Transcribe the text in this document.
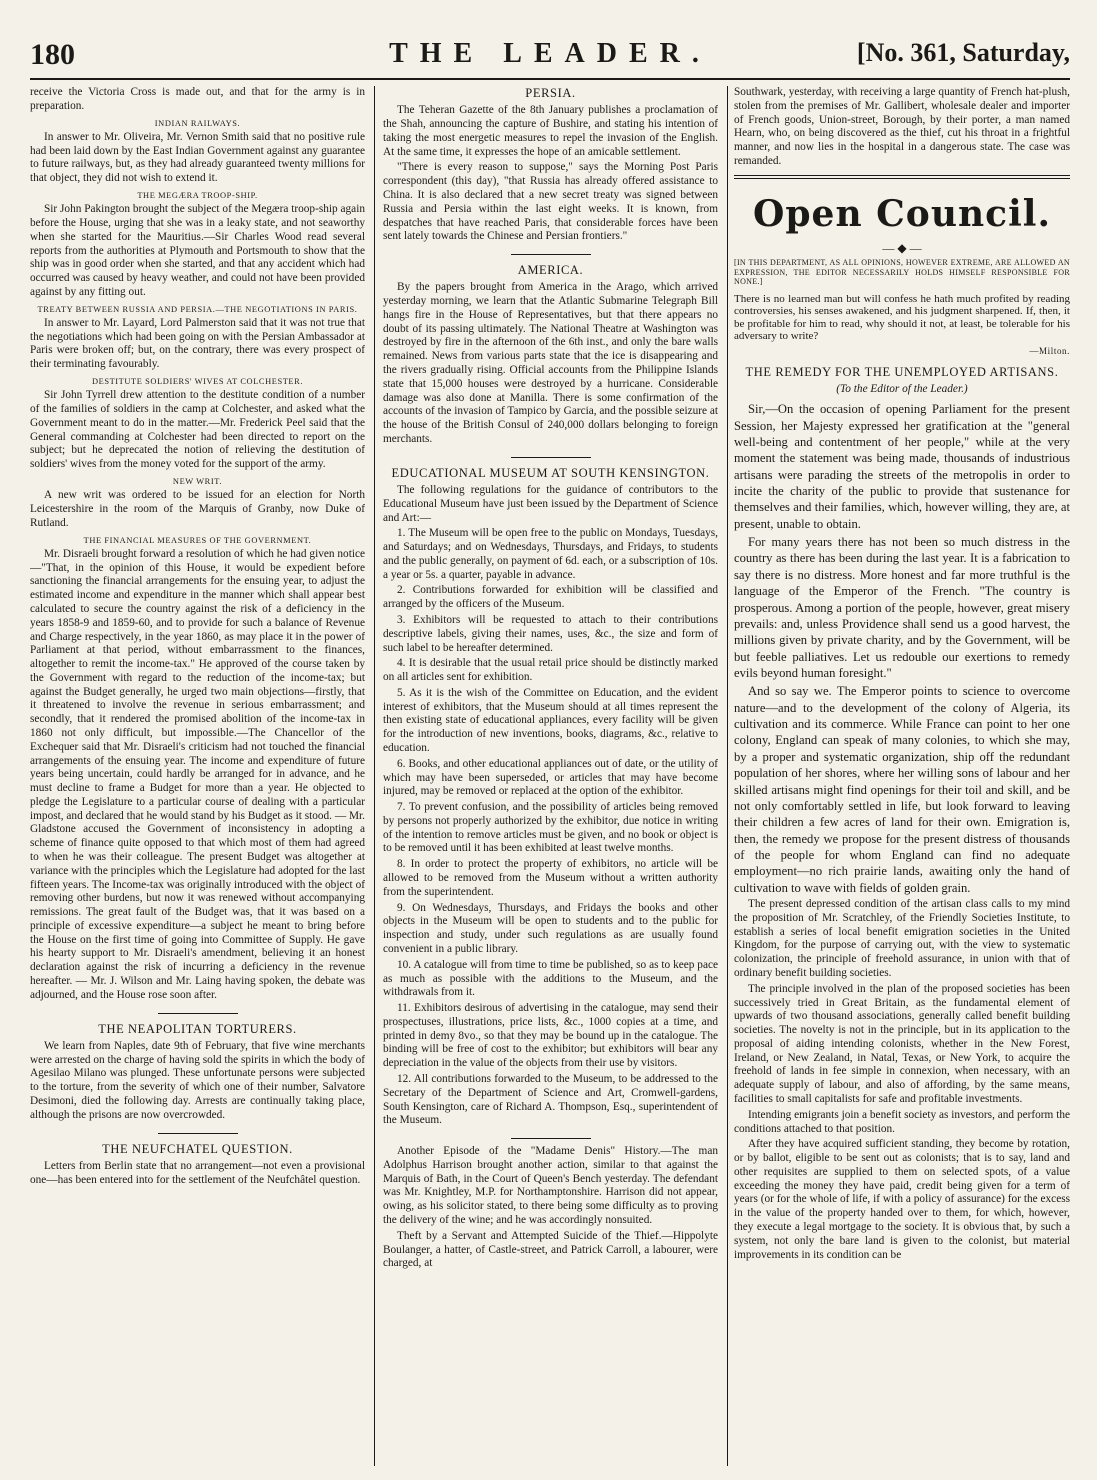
180	THE LEADER.	[No. 361, Saturday,

receive the Victoria Cross is made out, and that for the army is in preparation.

INDIAN RAILWAYS.

In answer to Mr. Oliveira, Mr. Vernon Smith said that no positive rule had been laid down by the East Indian Government against any guarantee to future railways, but, as they had already guaranteed twenty millions for that object, they did not wish to extend it.

THE MEGÆRA TROOP-SHIP.

Sir John Pakington brought the subject of the Megæra troop-ship again before the House, urging that she was in a leaky state, and not seaworthy when she started for the Mauritius.—Sir Charles Wood read several reports from the authorities at Plymouth and Portsmouth to show that the ship was in good order when she started, and that any accident which had occurred was caused by heavy weather, and could not have been provided against by any fitting out.

TREATY BETWEEN RUSSIA AND PERSIA.—THE NEGOTIATIONS IN PARIS.

In answer to Mr. Layard, Lord Palmerston said that it was not true that the negotiations which had been going on with the Persian Ambassador at Paris were broken off; but, on the contrary, there was every prospect of their terminating favourably.

DESTITUTE SOLDIERS' WIVES AT COLCHESTER.

Sir John Tyrrell drew attention to the destitute condition of a number of the families of soldiers in the camp at Colchester, and asked what the Government meant to do in the matter.—Mr. Frederick Peel said that the General commanding at Colchester had been directed to report on the subject; but he deprecated the notion of relieving the destitution of soldiers' wives from the money voted for the support of the army.

NEW WRIT.

A new writ was ordered to be issued for an election for North Leicestershire in the room of the Marquis of Granby, now Duke of Rutland.

THE FINANCIAL MEASURES OF THE GOVERNMENT.

Mr. Disraeli brought forward a resolution of which he had given notice—"That, in the opinion of this House, it would be expedient before sanctioning the financial arrangements for the ensuing year, to adjust the estimated income and expenditure in the manner which shall appear best calculated to secure the country against the risk of a deficiency in the years 1858-9 and 1859-60, and to provide for such a balance of Revenue and Charge respectively, in the year 1860, as may place it in the power of Parliament at that period, without embarrassment to the finances, altogether to remit the income-tax." He approved of the course taken by the Government with regard to the reduction of the income-tax; but against the Budget generally, he urged two main objections—firstly, that it threatened to involve the revenue in serious embarrassment; and secondly, that it rendered the promised abolition of the income-tax in 1860 not only difficult, but impossible.—The Chancellor of the Exchequer said that Mr. Disraeli's criticism had not touched the financial arrangements of the ensuing year. The income and expenditure of future years being uncertain, could hardly be arranged for in advance, and he must decline to frame a Budget for more than a year. He objected to pledge the Legislature to a particular course of dealing with a particular impost, and declared that he would stand by his Budget as it stood. — Mr. Gladstone accused the Government of inconsistency in adopting a scheme of finance quite opposed to that which most of them had agreed to when he was their colleague. The present Budget was altogether at variance with the principles which the Legislature had adopted for the last fifteen years. The Income-tax was originally introduced with the object of removing other burdens, but now it was renewed without accompanying remissions. The great fault of the Budget was, that it was based on a principle of excessive expenditure—a subject he meant to bring before the House on the first time of going into Committee of Supply. He gave his hearty support to Mr. Disraeli's amendment, believing it an honest declaration against the risk of incurring a deficiency in the revenue hereafter. — Mr. J. Wilson and Mr. Laing having spoken, the debate was adjourned, and the House rose soon after.

THE NEAPOLITAN TORTURERS.

We learn from Naples, date 9th of February, that five wine merchants were arrested on the charge of having sold the spirits in which the body of Agesilao Milano was plunged. These unfortunate persons were subjected to the torture, from the severity of which one of their number, Salvatore Desimoni, died the following day. Arrests are continually taking place, although the prisons are now overcrowded.

THE NEUFCHATEL QUESTION.

Letters from Berlin state that no arrangement—not even a provisional one—has been entered into for the settlement of the Neufchâtel question.

PERSIA.

The Teheran Gazette of the 8th January publishes a proclamation of the Shah, announcing the capture of Bushire, and stating his intention of taking the most energetic measures to repel the invasion of the English. At the same time, it expresses the hope of an amicable settlement.

"There is every reason to suppose," says the Morning Post Paris correspondent (this day), "that Russia has already offered assistance to China. It is also declared that a new secret treaty was signed between Russia and Persia within the last eight weeks. It is known, from despatches that have reached Paris, that considerable forces have been sent lately towards the Chinese and Persian frontiers."

AMERICA.

By the papers brought from America in the Arago, which arrived yesterday morning, we learn that the Atlantic Submarine Telegraph Bill hangs fire in the House of Representatives, but that there appears no doubt of its passing ultimately. The National Theatre at Washington was destroyed by fire in the afternoon of the 6th inst., and only the bare walls remained. News from various parts state that the ice is disappearing and the rivers gradually rising. Official accounts from the Philippine Islands state that 15,000 houses were destroyed by a hurricane. Considerable damage was also done at Manilla. There is some confirmation of the accounts of the invasion of Tampico by Garcia, and the possible seizure at the house of the British Consul of 240,000 dollars belonging to foreign merchants.

EDUCATIONAL MUSEUM AT SOUTH KENSINGTON.

The following regulations for the guidance of contributors to the Educational Museum have just been issued by the Department of Science and Art:—

1. The Museum will be open free to the public on Mondays, Tuesdays, and Saturdays; and on Wednesdays, Thursdays, and Fridays, to students and the public generally, on payment of 6d. each, or a subscription of 10s. a year or 5s. a quarter, payable in advance.

2. Contributions forwarded for exhibition will be classified and arranged by the officers of the Museum.

3. Exhibitors will be requested to attach to their contributions descriptive labels, giving their names, uses, &c., the size and form of such label to be hereafter determined.

4. It is desirable that the usual retail price should be distinctly marked on all articles sent for exhibition.

5. As it is the wish of the Committee on Education, and the evident interest of exhibitors, that the Museum should at all times represent the then existing state of educational appliances, every facility will be given for the introduction of new inventions, books, diagrams, &c., relative to education.

6. Books, and other educational appliances out of date, or the utility of which may have been superseded, or articles that may have become injured, may be removed or replaced at the option of the exhibitor.

7. To prevent confusion, and the possibility of articles being removed by persons not properly authorized by the exhibitor, due notice in writing of the intention to remove articles must be given, and no book or object is to be removed until it has been exhibited at least twelve months.

8. In order to protect the property of exhibitors, no article will be allowed to be removed from the Museum without a written authority from the superintendent.

9. On Wednesdays, Thursdays, and Fridays the books and other objects in the Museum will be open to students and to the public for inspection and study, under such regulations as are usually found convenient in a public library.

10. A catalogue will from time to time be published, so as to keep pace as much as possible with the additions to the Museum, and the withdrawals from it.

11. Exhibitors desirous of advertising in the catalogue, may send their prospectuses, illustrations, price lists, &c., 1000 copies at a time, and printed in demy 8vo., so that they may be bound up in the catalogue. The binding will be free of cost to the exhibitor; but exhibitors will bear any depreciation in the value of the objects from their use by visitors.

12. All contributions forwarded to the Museum, to be addressed to the Secretary of the Department of Science and Art, Cromwell-gardens, South Kensington, care of Richard A. Thompson, Esq., superintendent of the Museum.

Another Episode of the "Madame Denis" History.—The man Adolphus Harrison brought another action, similar to that against the Marquis of Bath, in the Court of Queen's Bench yesterday. The defendant was Mr. Knightley, M.P. for Northamptonshire. Harrison did not appear, owing, as his solicitor stated, to there being some difficulty as to proving the delivery of the wine; and he was accordingly nonsuited.

Theft by a Servant and Attempted Suicide of the Thief.—Hippolyte Boulanger, a hatter, of Castle-street, and Patrick Carroll, a labourer, were charged, at

Southwark, yesterday, with receiving a large quantity of French hat-plush, stolen from the premises of Mr. Gallibert, wholesale dealer and importer of French goods, Union-street, Borough, by their porter, a man named Hearn, who, on being discovered as the thief, cut his throat in a frightful manner, and now lies in the hospital in a dangerous state. The case was remanded.

Open Council.
— ◆ —
[IN THIS DEPARTMENT, AS ALL OPINIONS, HOWEVER EXTREME, ARE ALLOWED AN EXPRESSION, THE EDITOR NECESSARILY HOLDS HIMSELF RESPONSIBLE FOR NONE.]
There is no learned man but will confess he hath much profited by reading controversies, his senses awakened, and his judgment sharpened. If, then, it be profitable for him to read, why should it not, at least, be tolerable for his adversary to write?
—Milton.
THE REMEDY FOR THE UNEMPLOYED ARTISANS.
(To the Editor of the Leader.)

Sir,—On the occasion of opening Parliament for the present Session, her Majesty expressed her gratification at the "general well-being and contentment of her people," while at the very moment the statement was being made, thousands of industrious artisans were parading the streets of the metropolis in order to incite the charity of the public to provide that sustenance for themselves and their families, which, however willing, they are, at present, unable to obtain.

For many years there has not been so much distress in the country as there has been during the last year. It is a fabrication to say there is no distress. More honest and far more truthful is the language of the Emperor of the French. "The country is prosperous. Among a portion of the people, however, great misery prevails: and, unless Providence shall send us a good harvest, the millions given by private charity, and by the Government, will be but feeble palliatives. Let us redouble our exertions to remedy evils beyond human foresight."

And so say we. The Emperor points to science to overcome nature—and to the development of the colony of Algeria, its cultivation and its commerce. While France can point to her one colony, England can speak of many colonies, to which she may, by a proper and systematic organization, ship off the redundant population of her shores, where her willing sons of labour and her skilled artisans might find openings for their toil and skill, and be not only comfortably settled in life, but look forward to leaving their children a few acres of land for their own. Emigration is, then, the remedy we propose for the present distress of thousands of the people for whom England can find no adequate employment—no rich prairie lands, awaiting only the hand of cultivation to wave with fields of golden grain.

The present depressed condition of the artisan class calls to my mind the proposition of Mr. Scratchley, of the Friendly Societies Institute, to establish a series of local benefit emigration societies in the United Kingdom, for the purpose of carrying out, with the view to systematic colonization, the principle of freehold assurance, in union with that of ordinary benefit building societies.

The principle involved in the plan of the proposed societies has been successively tried in Great Britain, as the fundamental element of upwards of two thousand associations, generally called benefit building societies. The novelty is not in the principle, but in its application to the proposal of aiding intending colonists, whether in the New Forest, Ireland, or New Zealand, in Natal, Texas, or New York, to acquire the freehold of lands in fee simple in connexion, when necessary, with an adequate supply of labour, and also of affording, by the same means, facilities to small capitalists for safe and profitable investments.

Intending emigrants join a benefit society as investors, and perform the conditions attached to that position.

After they have acquired sufficient standing, they become by rotation, or by ballot, eligible to be sent out as colonists; that is to say, land and other requisites are supplied to them on selected spots, of a value exceeding the money they have paid, credit being given for a term of years (or for the whole of life, if with a policy of assurance) for the excess in the value of the property handed over to them, for which, however, they execute a legal mortgage to the society. It is obvious that, by such a system, not only the bare land is given to the colonist, but material improvements in its condition can be
